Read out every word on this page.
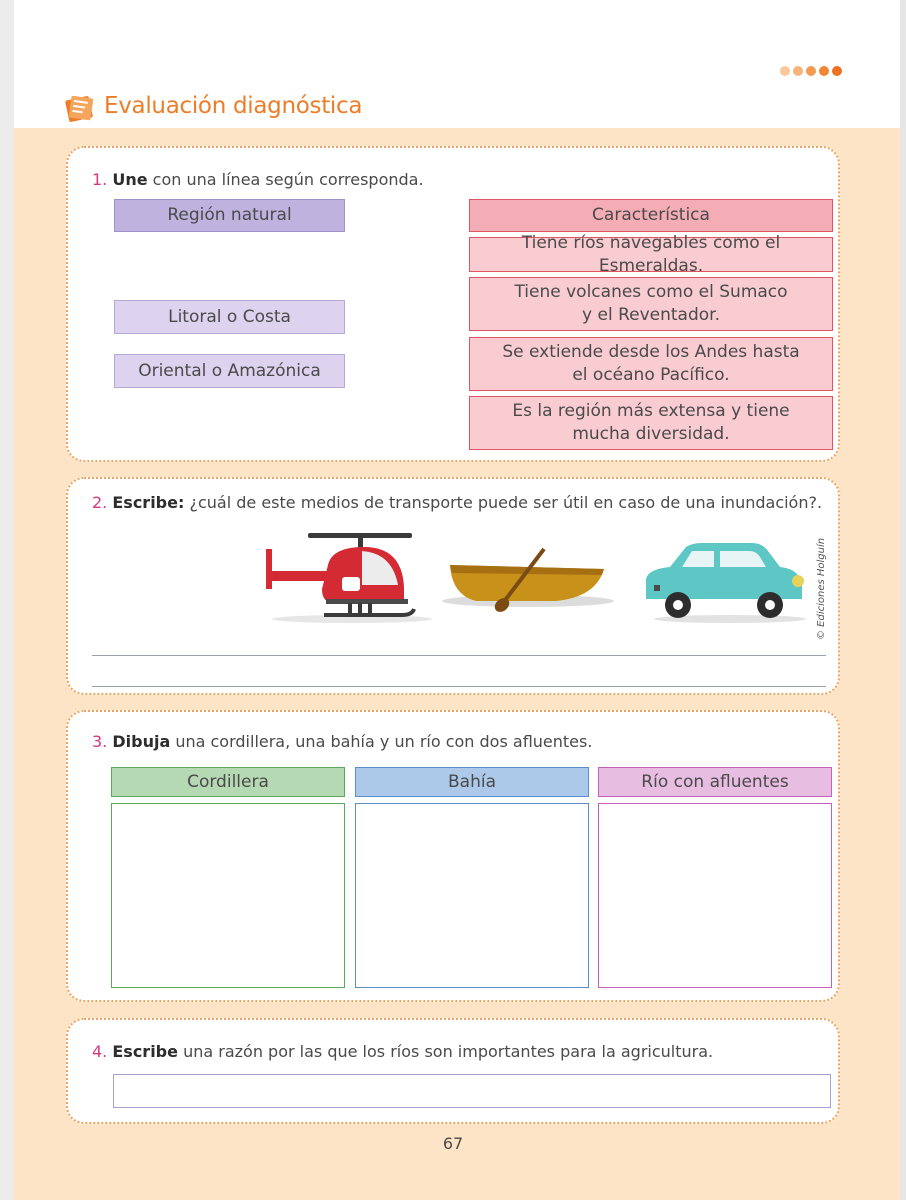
Evaluación diagnóstica
1. Une con una línea según corresponda.
Región natural
Litoral o Costa
Oriental o Amazónica
Característica
Tiene ríos navegables como el Esmeraldas.
Tiene volcanes como el Sumaco
y el Reventador.
Se extiende desde los Andes hasta
el océano Pacífico.
Es la región más extensa y tiene
mucha diversidad.
2. Escribe: ¿cuál de este medios de transporte puede ser útil en caso de una inundación?.
© Ediciones Holguín
3. Dibuja una cordillera, una bahía y un río con dos afluentes.
Cordillera	Bahía	Río con afluentes
4. Escribe una razón por las que los ríos son importantes para la agricultura.
67
